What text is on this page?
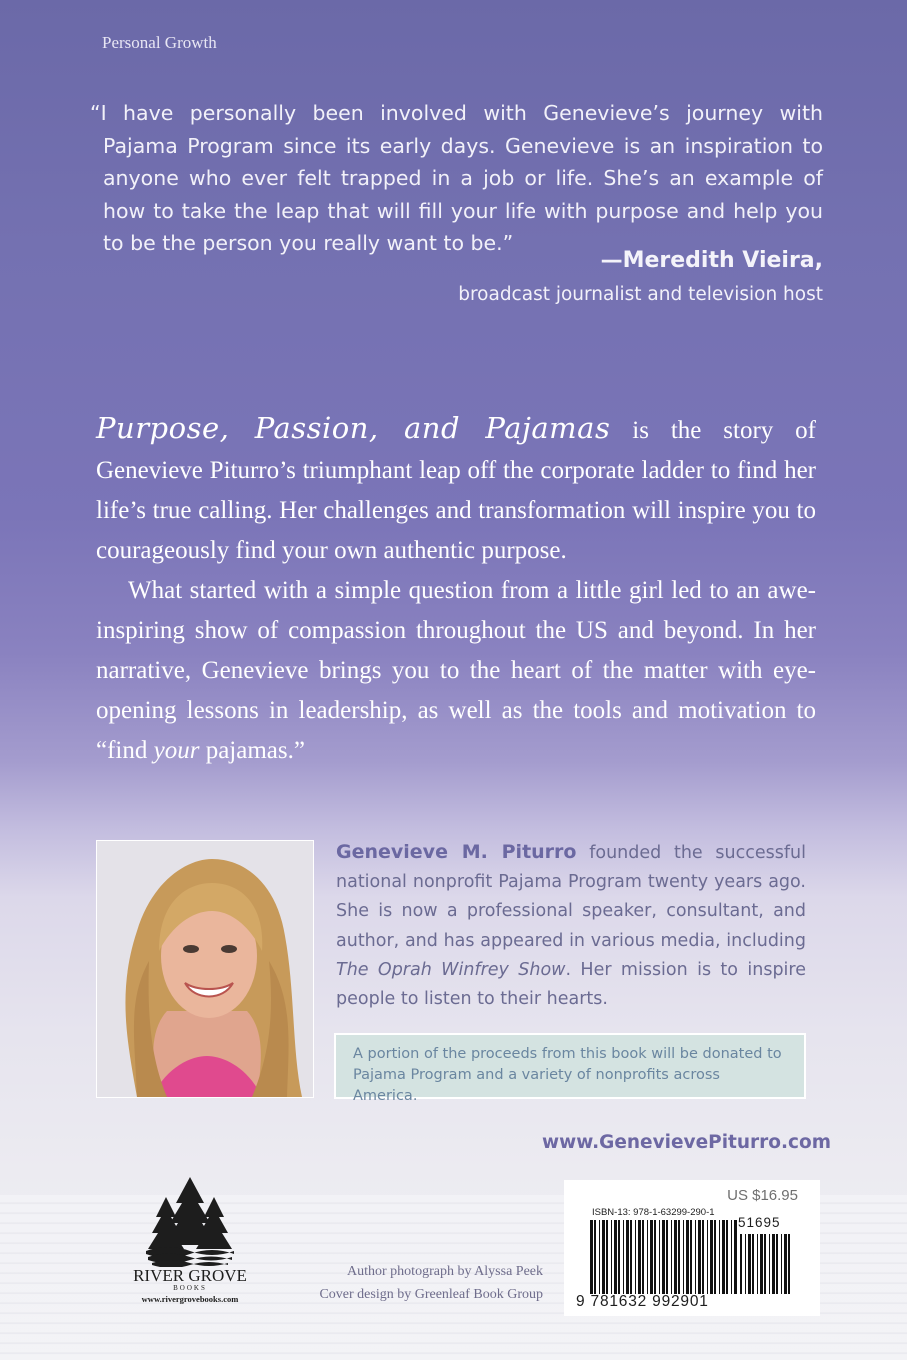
Personal Growth
“I have personally been involved with Genevieve’s journey with Pajama Program since its early days. Genevieve is an inspiration to anyone who ever felt trapped in a job or life. She’s an example of how to take the leap that will fill your life with purpose and help you to be the person you really want to be.”
—Meredith Vieira,
broadcast journalist and television host

Purpose, Passion, and Pajamas is the story of Genevieve Piturro’s triumphant leap off the corporate ladder to find her life’s true calling. Her challenges and transformation will inspire you to courageously find your own authentic purpose.

What started with a simple question from a little girl led to an awe-inspiring show of compassion throughout the US and beyond. In her narrative, Genevieve brings you to the heart of the matter with eye-opening lessons in leadership, as well as the tools and motivation to “find your pajamas.”

Genevieve M. Piturro founded the successful national nonprofit Pajama Program twenty years ago. She is now a professional speaker, consultant, and author, and has appeared in various media, including The Oprah Winfrey Show. Her mission is to inspire people to listen to their hearts.
A portion of the proceeds from this book will be donated to Pajama Program and a variety of nonprofits across America.
www.GenevievePiturro.com
RIVER GROVE
BOOKS
www.rivergrovebooks.com
Author photograph by Alyssa Peek
Cover design by Greenleaf Book Group
US $16.95
ISBN-13: 978-1-63299-290-1
51695
9 781632 992901
